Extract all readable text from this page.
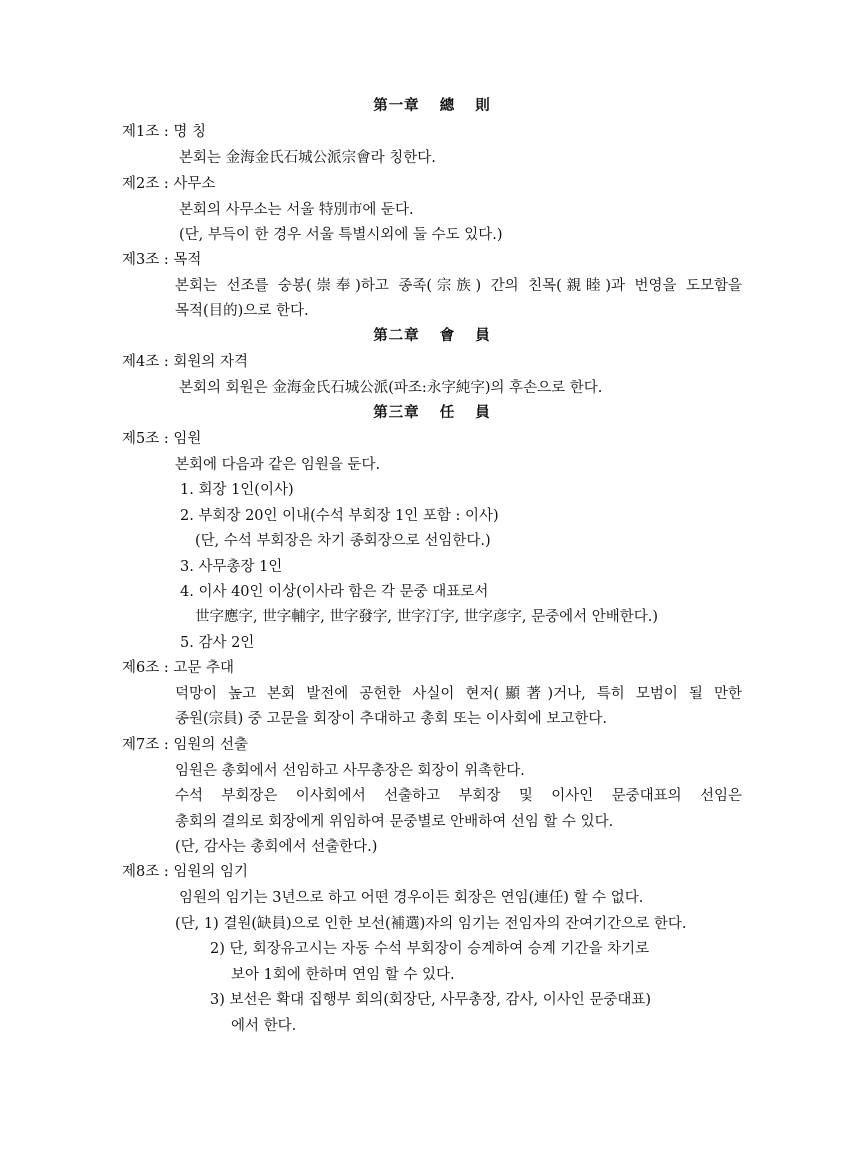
第一章 總 則
제1조 : 명 칭
본회는 金海金氏石城公派宗會라 칭한다.
제2조 : 사무소
본회의 사무소는 서울 特別市에 둔다.
(단, 부득이 한 경우 서울 특별시외에 둘 수도 있다.)
제3조 : 목적
본회는 선조를 숭봉(崇奉)하고 종족(宗族) 간의 친목(親睦)과 번영을 도모함을
목적(目的)으로 한다.
第二章 會 員
제4조 : 회원의 자격
본회의 회원은 金海金氏石城公派(파조:永字純字)의 후손으로 한다.
第三章 任 員
제5조 : 임원
본회에 다음과 같은 임원을 둔다.
1. 회장 1인(이사)
2. 부회장 20인 이내(수석 부회장 1인 포함 : 이사)
(단, 수석 부회장은 차기 종회장으로 선임한다.)
3. 사무총장 1인
4. 이사 40인 이상(이사라 함은 각 문중 대표로서
世字應字, 世字輔字, 世字發字, 世字汀字, 世字彦字, 문중에서 안배한다.)
5. 감사 2인
제6조 : 고문 추대
덕망이 높고 본회 발전에 공헌한 사실이 현저(顯著)거나, 특히 모범이 될 만한
종원(宗員) 중 고문을 회장이 추대하고 총회 또는 이사회에 보고한다.
제7조 : 임원의 선출
임원은 총회에서 선임하고 사무총장은 회장이 위촉한다.
수석 부회장은 이사회에서 선출하고 부회장 및 이사인 문중대표의 선임은
총회의 결의로 회장에게 위임하여 문중별로 안배하여 선임 할 수 있다.
(단, 감사는 총회에서 선출한다.)
제8조 : 임원의 임기
임원의 임기는 3년으로 하고 어떤 경우이든 회장은 연임(連任) 할 수 없다.
(단, 1) 결원(缺員)으로 인한 보선(補選)자의 임기는 전임자의 잔여기간으로 한다.
2) 단, 회장유고시는 자동 수석 부회장이 승계하여 승계 기간을 차기로
보아 1회에 한하며 연임 할 수 있다.
3) 보선은 확대 집행부 회의(회장단, 사무총장, 감사, 이사인 문중대표)
에서 한다.
